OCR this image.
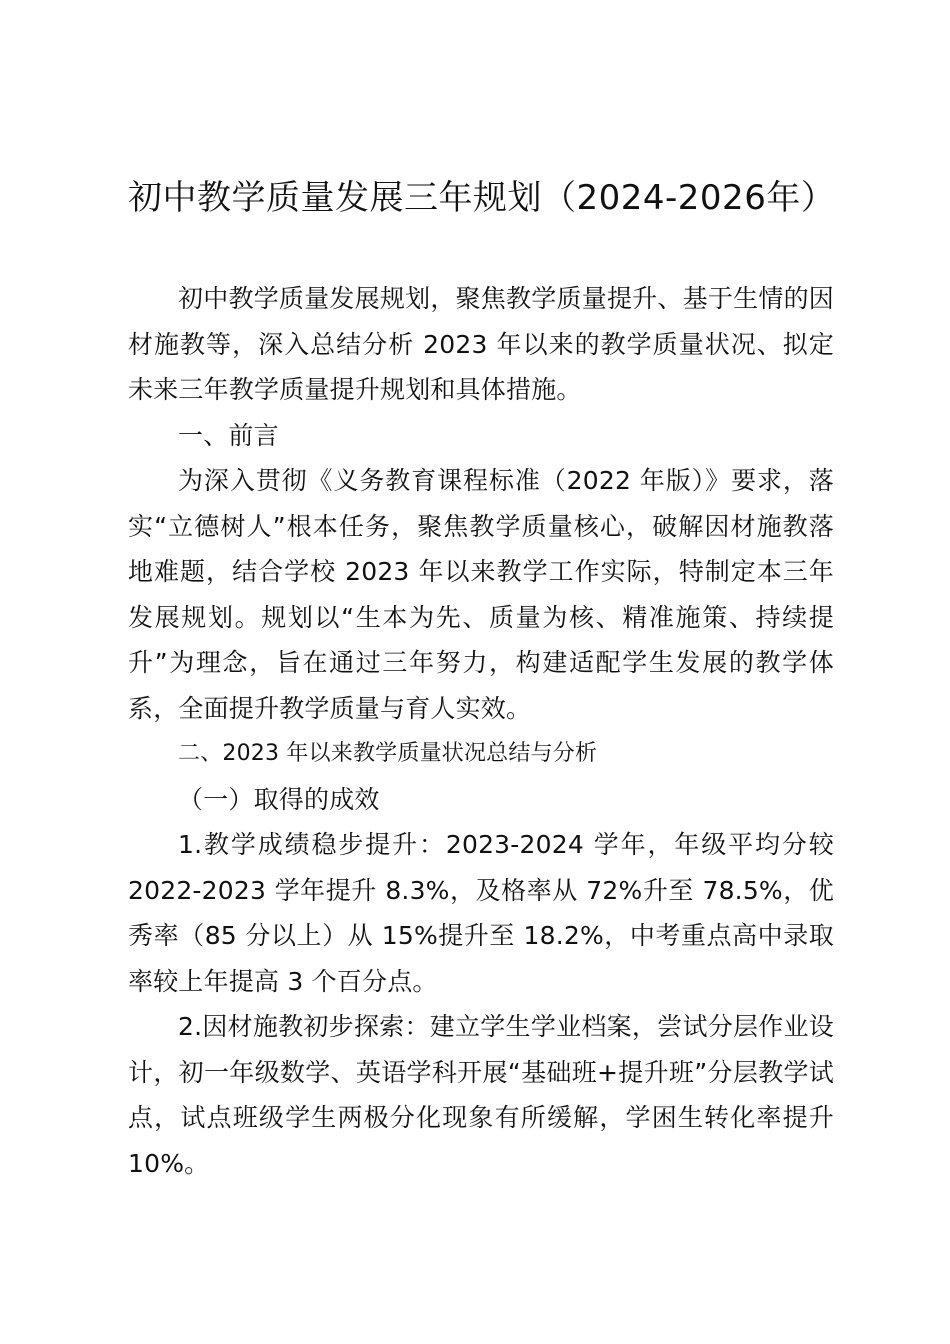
初中教学质量发展三年规划（2024-2026年）

初中教学质量发展规划，聚焦教学质量提升、基于生情的因材施教等，深入总结分析 2023 年以来的教学质量状况、拟定未来三年教学质量提升规划和具体措施。

一、前言

为深入贯彻《义务教育课程标准（2022 年版）》要求，落实“立德树人”根本任务，聚焦教学质量核心，破解因材施教落地难题，结合学校 2023 年以来教学工作实际，特制定本三年发展规划。规划以“生本为先、质量为核、精准施策、持续提升”为理念，旨在通过三年努力，构建适配学生发展的教学体系，全面提升教学质量与育人实效。

二、2023 年以来教学质量状况总结与分析

（一）取得的成效

1.教学成绩稳步提升：2023-2024 学年，年级平均分较 2022-2023 学年提升 8.3%，及格率从 72%升至 78.5%，优秀率（85 分以上）从 15%提升至 18.2%，中考重点高中录取率较上年提高 3 个百分点。

2.因材施教初步探索：建立学生学业档案，尝试分层作业设计，初一年级数学、英语学科开展“基础班+提升班”分层教学试点，试点班级学生两极分化现象有所缓解，学困生转化率提升 10%。
